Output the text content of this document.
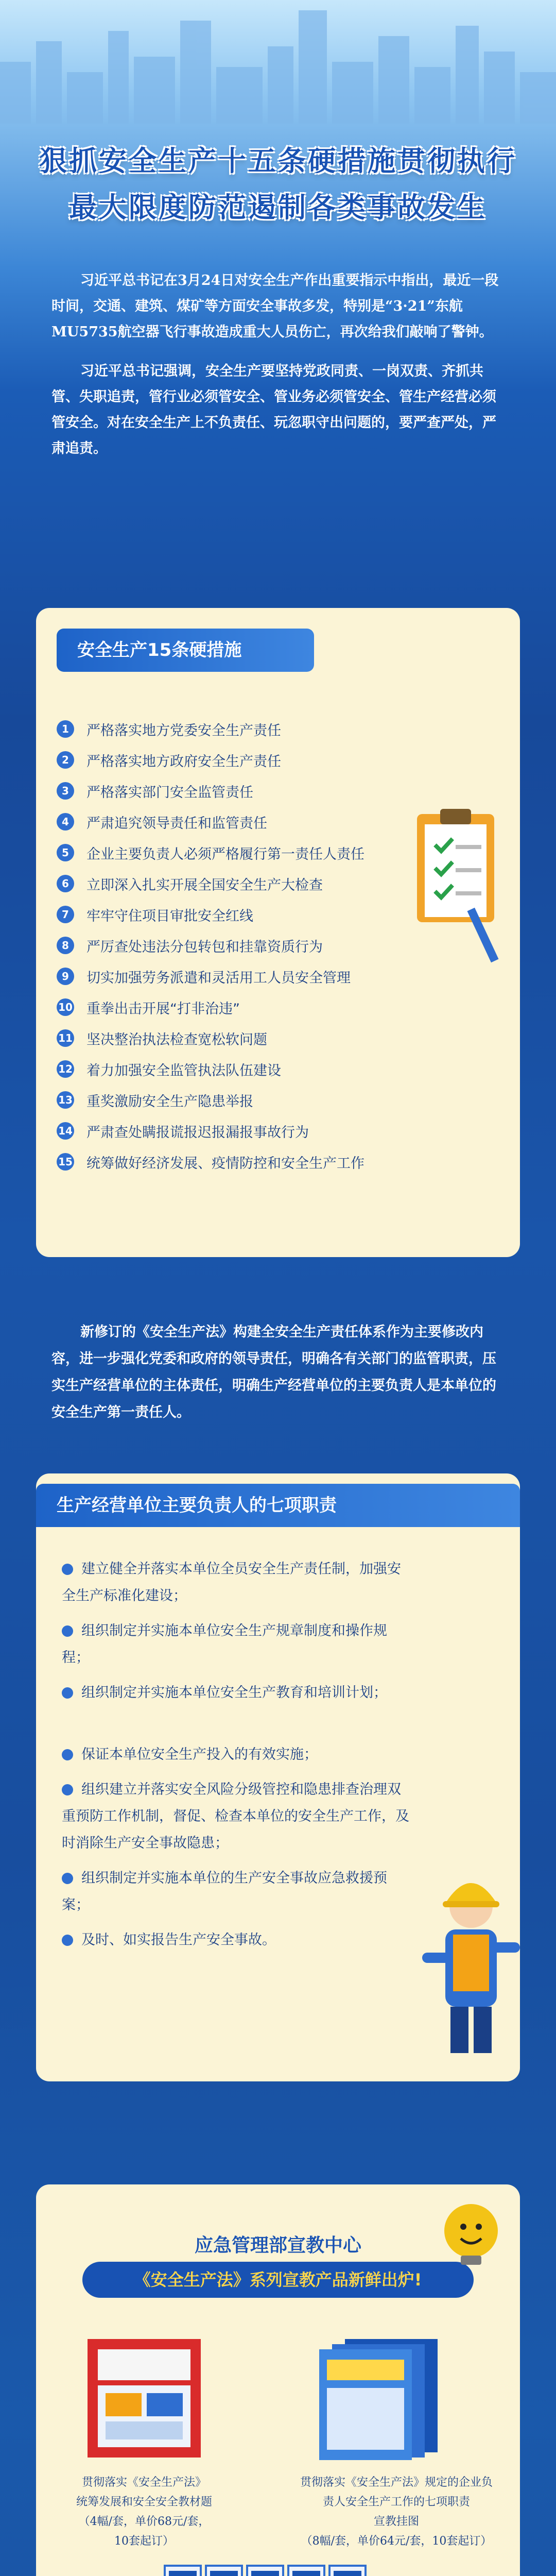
狠抓安全生产十五条硬措施贯彻执行
最大限度防范遏制各类事故发生

习近平总书记在3月24日对安全生产作出重要指示中指出，最近一段时间，交通、建筑、煤矿等方面安全事故多发，特别是“3·21”东航MU5735航空器飞行事故造成重大人员伤亡，再次给我们敲响了警钟。

习近平总书记强调，安全生产要坚持党政同责、一岗双责、齐抓共管、失职追责，管行业必须管安全、管业务必须管安全、管生产经营必须管安全。对在安全生产上不负责任、玩忽职守出问题的，要严查严处，严肃追责。

安全生产15条硬措施
1	严格落实地方党委安全生产责任
2	严格落实地方政府安全生产责任
3	严格落实部门安全监管责任
4	严肃追究领导责任和监管责任
5	企业主要负责人必须严格履行第一责任人责任
6	立即深入扎实开展全国安全生产大检查
7	牢牢守住项目审批安全红线
8	严厉查处违法分包转包和挂靠资质行为
9	切实加强劳务派遣和灵活用工人员安全管理
10 重拳出击开展“打非治违”
11 坚决整治执法检查宽松软问题
12 着力加强安全监管执法队伍建设
13 重奖激励安全生产隐患举报
14 严肃查处瞒报谎报迟报漏报事故行为
15 统筹做好经济发展、疫情防控和安全生产工作
新修订的《安全生产法》构建全安全生产责任体系作为主要修改内容，进一步强化党委和政府的领导责任，明确各有关部门的监管职责，压实生产经营单位的主体责任，明确生产经营单位的主要负责人是本单位的安全生产第一责任人。
生产经营单位主要负责人的七项职责
建立健全并落实本单位全员安全生产责任制，加强安全生产标准化建设；
组织制定并实施本单位安全生产规章制度和操作规程；
组织制定并实施本单位安全生产教育和培训计划；
保证本单位安全生产投入的有效实施；
组织建立并落实安全风险分级管控和隐患排查治理双重预防工作机制，督促、检查本单位的安全生产工作，及时消除生产安全事故隐患；
组织制定并实施本单位的生产安全事故应急救援预案；
及时、如实报告生产安全事故。
应急管理部宣教中心
《安全生产法》系列宣教产品新鲜出炉!
贯彻落实《安全生产法》
统筹发展和安全安全教材题
（4幅/套，单价68元/套，
10套起订）
贯彻落实《安全生产法》规定的企业负
责人安全生产工作的七项职责
宣教挂图
（8幅/套，单价64元/套，10套起订）
